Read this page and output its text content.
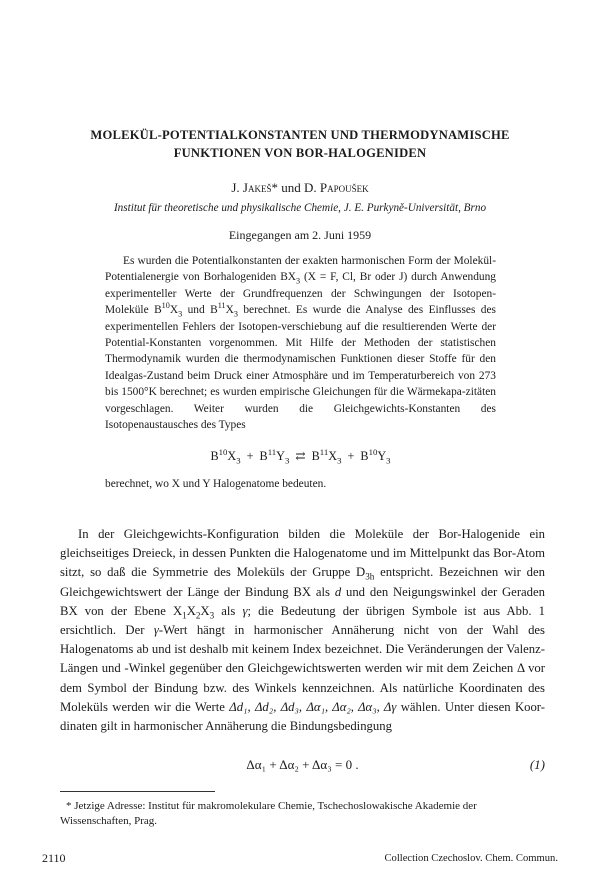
MOLEKÜL-POTENTIALKONSTANTEN UND THERMODYNAMISCHE
FUNKTIONEN VON BOR-HALOGENIDEN
J. Jakeš* und D. Papoušek
Institut für theoretische und physikalische Chemie, J. E. Purkyně-Universität, Brno
Eingegangen am 2. Juni 1959

Es wurden die Potentialkonstanten der exakten harmonischen Form der Molekül-Potentialenergie von Borhalogeniden $BX_3$ (X = F, Cl, Br oder J) durch Anwendung experimenteller Werte der Grundfrequenzen der Schwingungen der Isotopen-Moleküle $B^{10}X_3$ und $B^{11}X_3$ berechnet. Es wurde die Analyse des Einflusses des experimentellen Fehlers der Isotopen-verschiebung auf die resultierenden Werte der Potential-Konstanten vorgenommen. Mit Hilfe der Methoden der statistischen Thermodynamik wurden die thermodynamischen Funktionen dieser Stoffe für den Idealgas-Zustand beim Druck einer Atmosphäre und im Temperaturbereich von 273 bis 1500°K berechnet; es wurden empirische Gleichungen für die Wärmekapa-zitäten vorgeschlagen. Weiter wurden die Gleichgewichts-Konstanten des Isotopenaustausches des Types

$B^{10}X_3 + B^{11}Y_3$ ⇄ $B^{11}X_3 + B^{10}Y_3$
berechnet, wo X und Y Halogenatome bedeuten.

In der Gleichgewichts-Konfiguration bilden die Moleküle der Bor-Halogenide ein gleichseitiges Dreieck, in dessen Punkten die Halogenatome und im Mittelpunkt das Bor-Atom sitzt, so daß die Symmetrie des Moleküls der Gruppe $D_{3h}$ entspricht. Bezeichnen wir den Gleichgewichtswert der Länge der Bindung BX als d und den Neigungswinkel der Geraden BX von der Ebene $X_1X_2X_3$ als γ; die Bedeutung der übrigen Symbole ist aus Abb. 1 ersichtlich. Der γ-Wert hängt in harmonischer Annäherung nicht von der Wahl des Halogenatoms ab und ist deshalb mit keinem Index bezeichnet. Die Veränderungen der Valenz-Längen und -Winkel gegenüber den Gleichgewichtswerten werden wir mit dem Zeichen Δ vor dem Symbol der Bindung bzw. des Winkels kennzeichnen. Als natürliche Koordinaten des Moleküls werden wir die Werte Δd₁, Δd₂, Δd₃, Δα₁, Δα₂, Δα₃, Δγ wählen. Unter diesen Koor-dinaten gilt in harmonischer Annäherung die Bindungsbedingung

Δα₁ + Δα₂ + Δα₃ = 0 .	(1)
* Jetzige Adresse: Institut für makromolekulare Chemie, Tschechoslowakische Akademie der Wissenschaften, Prag.
2110	Collection Czechoslov. Chem. Commun.
